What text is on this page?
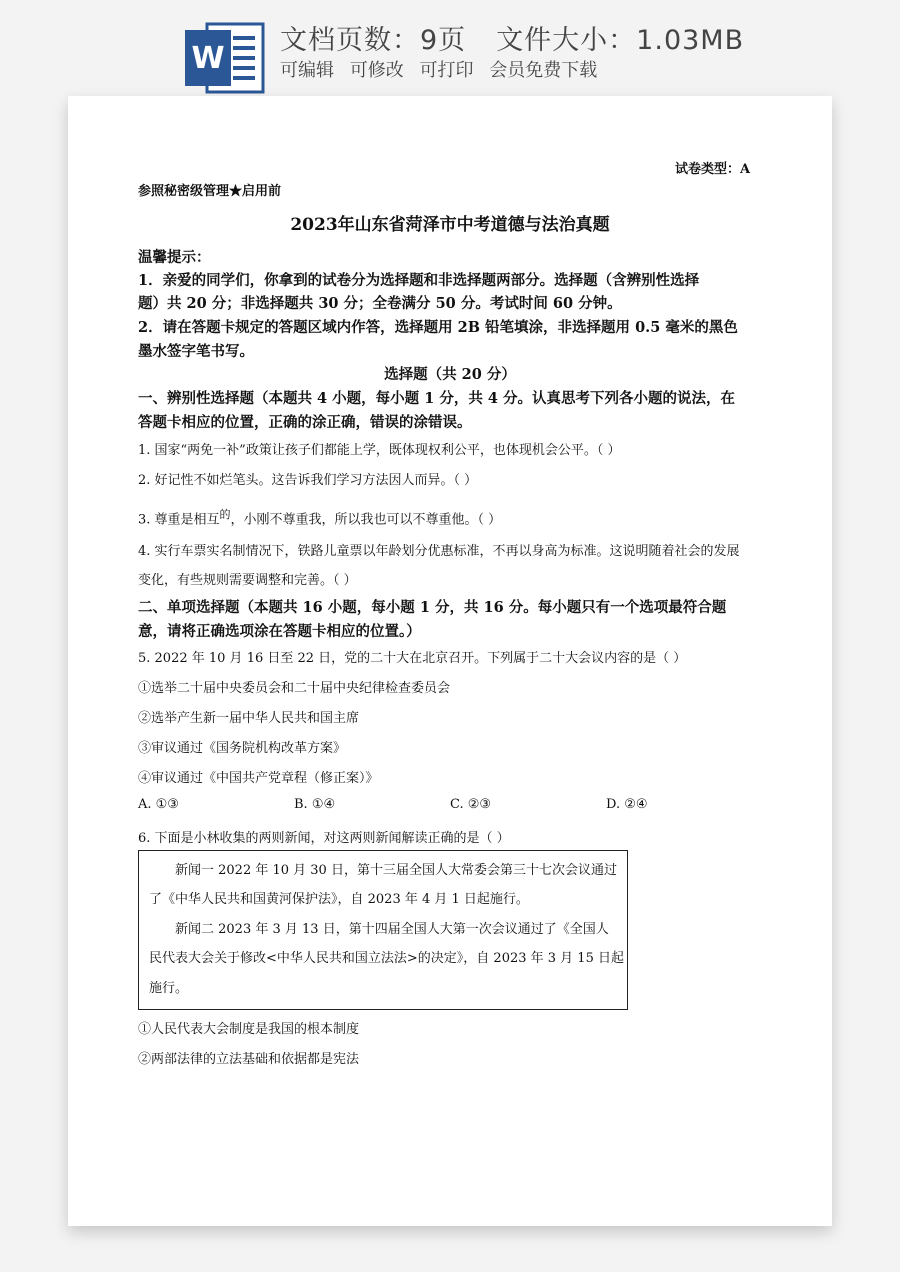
W
文档页数：9页 文件大小：1.03MB
可编辑 可修改 可打印 会员免费下载
试卷类型：A
参照秘密级管理★启用前
2023年山东省菏泽市中考道德与法治真题
温馨提示：
1．亲爱的同学们，你拿到的试卷分为选择题和非选择题两部分。选择题（含辨别性选择
题）共 20 分；非选择题共 30 分；全卷满分 50 分。考试时间 60 分钟。
2．请在答题卡规定的答题区域内作答，选择题用 2B 铅笔填涂，非选择题用 0.5 毫米的黑色
墨水签字笔书写。
选择题（共 20 分）
一、辨别性选择题（本题共 4 小题，每小题 1 分，共 4 分。认真思考下列各小题的说法，在
答题卡相应的位置，正确的涂正确，错误的涂错误。
1. 国家“两免一补”政策让孩子们都能上学，既体现权利公平，也体现机会公平。（ ）
2. 好记性不如烂笔头。这告诉我们学习方法因人而异。（ ）
3. 尊重是相互$^的$，小刚不尊重我，所以我也可以不尊重他。（ ）
4. 实行车票实名制情况下，铁路儿童票以年龄划分优惠标准，不再以身高为标准。这说明随着社会的发展
变化，有些规则需要调整和完善。（ ）
二、单项选择题（本题共 16 小题，每小题 1 分，共 16 分。每小题只有一个选项最符合题
意，请将正确选项涂在答题卡相应的位置。）
5. 2022 年 10 月 16 日至 22 日，党的二十大在北京召开。下列属于二十大会议内容的是（ ）
①选举二十届中央委员会和二十届中央纪律检查委员会
②选举产生新一届中华人民共和国主席
③审议通过《国务院机构改革方案》
④审议通过《中国共产党章程（修正案）》
A. ①③	B. ①④	C. ②③	D. ②④
6. 下面是小林收集的两则新闻，对这两则新闻解读正确的是（ ）
新闻一 2022 年 10 月 30 日，第十三届全国人大常委会第三十七次会议通过
了《中华人民共和国黄河保护法》，自 2023 年 4 月 1 日起施行。
新闻二 2023 年 3 月 13 日，第十四届全国人大第一次会议通过了《全国人
民代表大会关于修改<中华人民共和国立法法>的决定》，自 2023 年 3 月 15 日起
施行。
①人民代表大会制度是我国的根本制度
②两部法律的立法基础和依据都是宪法
